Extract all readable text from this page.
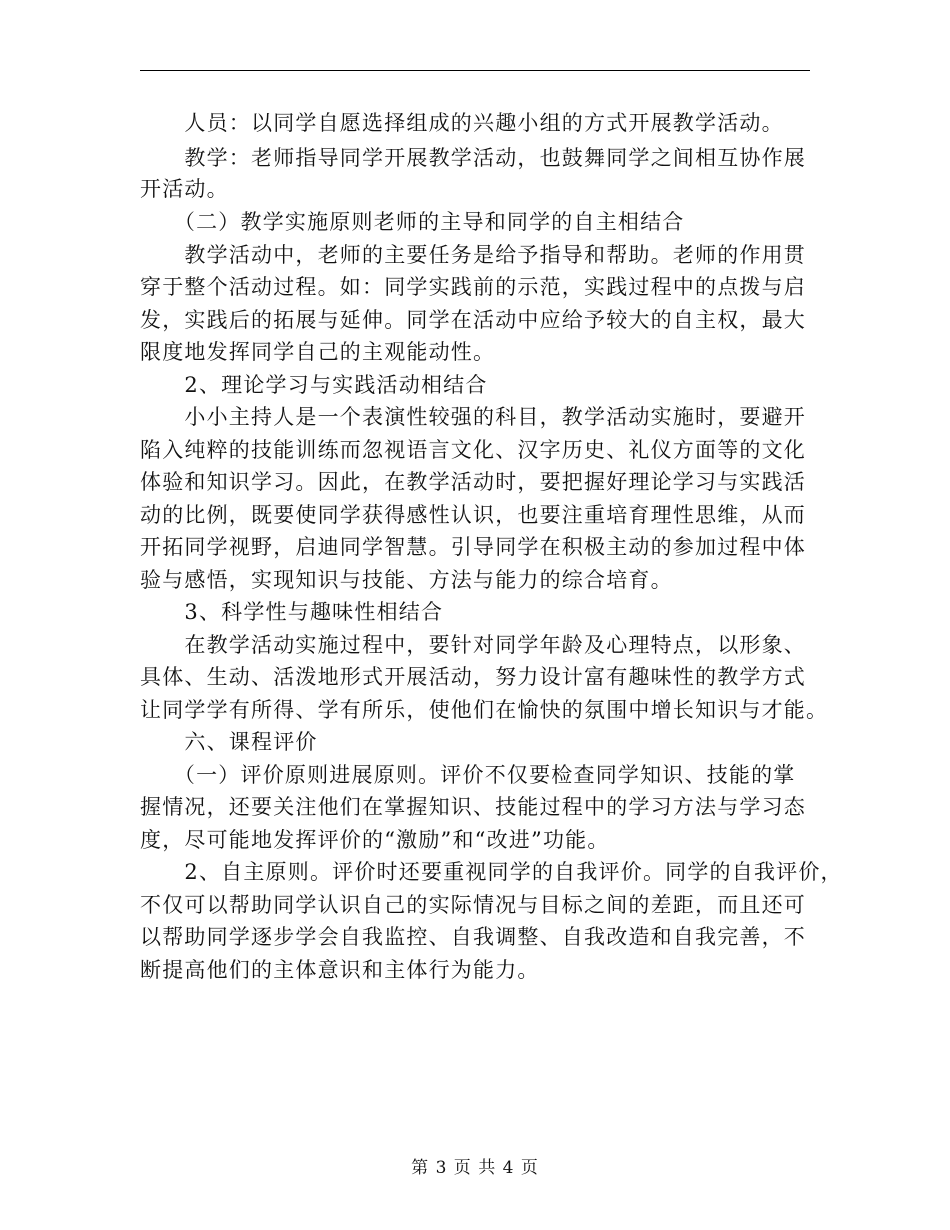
　　人员：以同学自愿选择组成的兴趣小组的方式开展教学活动。
　　教学：老师指导同学开展教学活动，也鼓舞同学之间相互协作展
开活动。
　　（二）教学实施原则老师的主导和同学的自主相结合
　　教学活动中，老师的主要任务是给予指导和帮助。老师的作用贯
穿于整个活动过程。如：同学实践前的示范，实践过程中的点拨与启
发，实践后的拓展与延伸。同学在活动中应给予较大的自主权，最大
限度地发挥同学自己的主观能动性。
　　2、理论学习与实践活动相结合
　　小小主持人是一个表演性较强的科目，教学活动实施时，要避开
陷入纯粹的技能训练而忽视语言文化、汉字历史、礼仪方面等的文化
体验和知识学习。因此，在教学活动时，要把握好理论学习与实践活
动的比例，既要使同学获得感性认识，也要注重培育理性思维，从而
开拓同学视野，启迪同学智慧。引导同学在积极主动的参加过程中体
验与感悟，实现知识与技能、方法与能力的综合培育。
　　3、科学性与趣味性相结合
　　在教学活动实施过程中，要针对同学年龄及心理特点，以形象、
具体、生动、活泼地形式开展活动，努力设计富有趣味性的教学方式
让同学学有所得、学有所乐，使他们在愉快的氛围中增长知识与才能。
　　六、课程评价
　　（一）评价原则进展原则。评价不仅要检查同学知识、技能的掌
握情况，还要关注他们在掌握知识、技能过程中的学习方法与学习态
度，尽可能地发挥评价的“激励”和“改进”功能。
　　2、自主原则。评价时还要重视同学的自我评价。同学的自我评价，
不仅可以帮助同学认识自己的实际情况与目标之间的差距，而且还可
以帮助同学逐步学会自我监控、自我调整、自我改造和自我完善，不
断提高他们的主体意识和主体行为能力。
第 3 页 共 4 页
